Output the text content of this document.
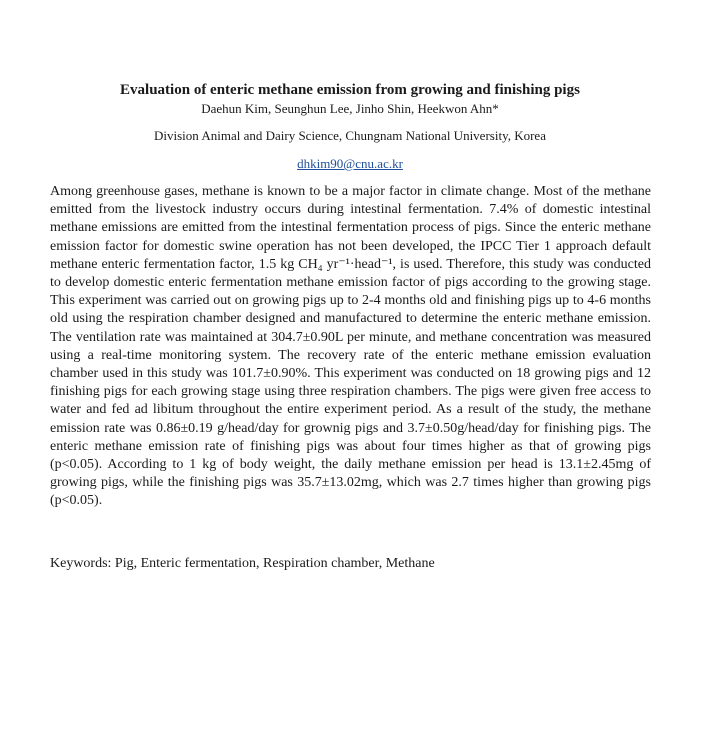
Evaluation of enteric methane emission from growing and finishing pigs
Daehun Kim, Seunghun Lee, Jinho Shin, Heekwon Ahn*
Division Animal and Dairy Science, Chungnam National University, Korea
dhkim90@cnu.ac.kr

Among greenhouse gases, methane is known to be a major factor in climate change. Most of the methane emitted from the livestock industry occurs during intestinal fermentation. 7.4% of domestic intestinal methane emissions are emitted from the intestinal fermentation process of pigs. Since the enteric methane emission factor for domestic swine operation has not been developed, the IPCC Tier 1 approach default methane enteric fermentation factor, 1.5 kg CH₄ yr⁻¹·head⁻¹, is used. Therefore, this study was conducted to develop domestic enteric fermentation methane emission factor of pigs according to the growing stage. This experiment was carried out on growing pigs up to 2-4 months old and finishing pigs up to 4-6 months old using the respiration chamber designed and manufactured to determine the enteric methane emission. The ventilation rate was maintained at 304.7±0.90L per minute, and methane concentration was measured using a real-time monitoring system. The recovery rate of the enteric methane emission evaluation chamber used in this study was 101.7±0.90%. This experiment was conducted on 18 growing pigs and 12 finishing pigs for each growing stage using three respiration chambers. The pigs were given free access to water and fed ad libitum throughout the entire experiment period. As a result of the study, the methane emission rate was 0.86±0.19 g/head/day for grownig pigs and 3.7±0.50g/head/day for finishing pigs. The enteric methane emission rate of finishing pigs was about four times higher as that of growing pigs (p<0.05). According to 1 kg of body weight, the daily methane emission per head is 13.1±2.45mg of growing pigs, while the finishing pigs was 35.7±13.02mg, which was 2.7 times higher than growing pigs (p<0.05).

Keywords: Pig, Enteric fermentation, Respiration chamber, Methane
